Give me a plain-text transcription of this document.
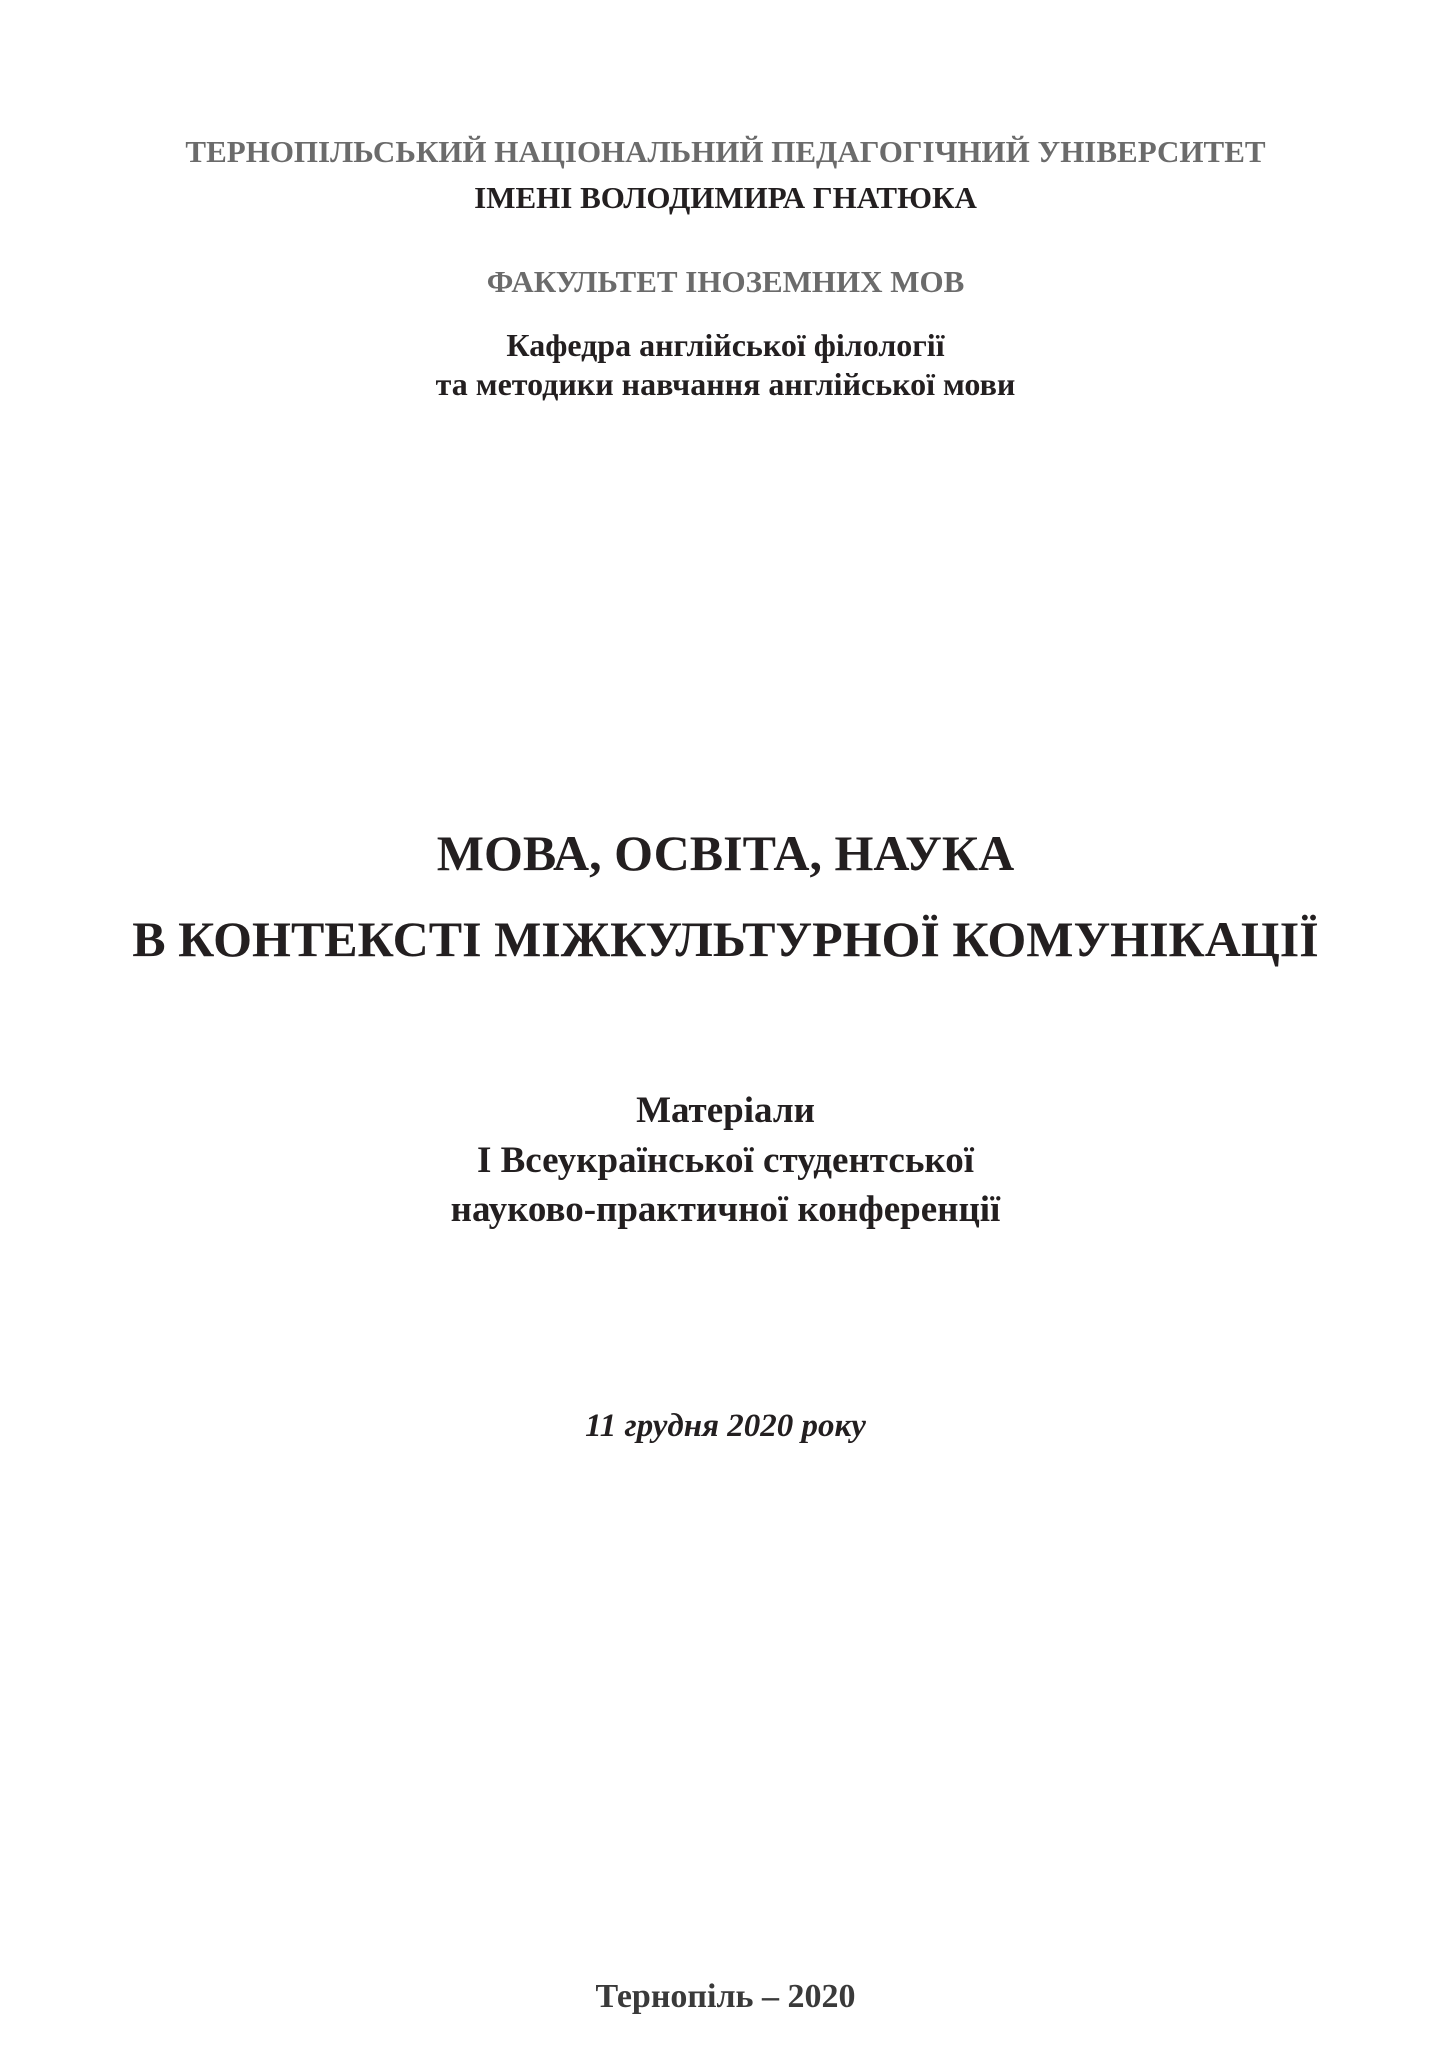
ТЕРНОПІЛЬСЬКИЙ НАЦІОНАЛЬНИЙ ПЕДАГОГІЧНИЙ УНІВЕРСИТЕТ
ІМЕНІ ВОЛОДИМИРА ГНАТЮКА
ФАКУЛЬТЕТ ІНОЗЕМНИХ МОВ
Кафедра англійської філології
та методики навчання англійської мови
МОВА, ОСВІТА, НАУКА
В КОНТЕКСТІ МІЖКУЛЬТУРНОЇ КОМУНІКАЦІЇ
Матеріали
I Всеукраїнської студентської
науково-практичної конференції
11 грудня 2020 року
Тернопіль – 2020
